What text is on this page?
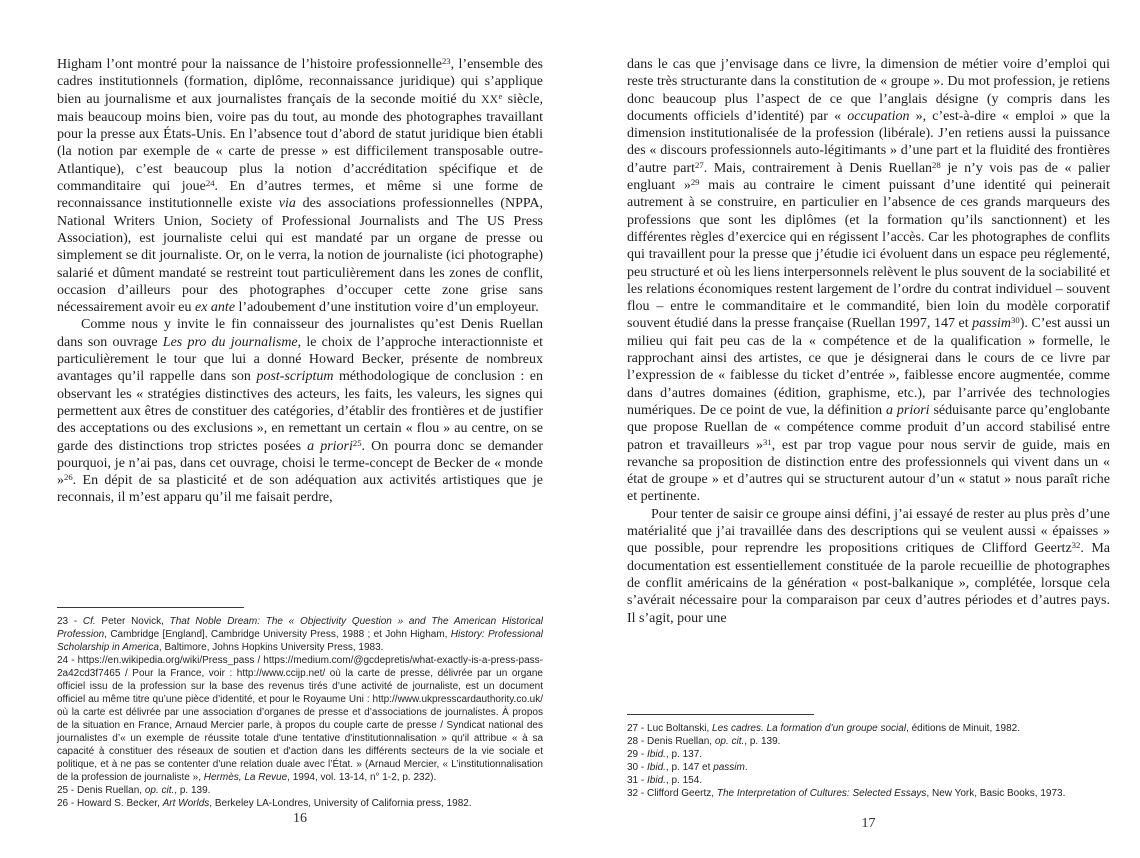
Higham l’ont montré pour la naissance de l’histoire professionnelle$^{23}$, l’ensemble des cadres institutionnels (formation, diplôme, reconnaissance juridique) qui s’applique bien au journalisme et aux journalistes français de la seconde moitié du XXe siècle, mais beaucoup moins bien, voire pas du tout, au monde des photographes travaillant pour la presse aux États-Unis. En l’absence tout d’abord de statut juridique bien établi (la notion par exemple de « carte de presse » est difficilement transposable outre-Atlantique), c’est beaucoup plus la notion d’accréditation spécifique et de commanditaire qui joue$^{24}$. En d’autres termes, et même si une forme de reconnaissance institutionnelle existe via des associations professionnelles (NPPA, National Writers Union, Society of Professional Journalists and The US Press Association), est journaliste celui qui est mandaté par un organe de presse ou simplement se dit journaliste. Or, on le verra, la notion de journaliste (ici photographe) salarié et dûment mandaté se restreint tout particulièrement dans les zones de conflit, occasion d’ailleurs pour des photographes d’occuper cette zone grise sans nécessairement avoir eu ex ante l’adoubement d’une institution voire d’un employeur.

Comme nous y invite le fin connaisseur des journalistes qu’est Denis Ruellan dans son ouvrage Les pro du journalisme, le choix de l’approche interactionniste et particulièrement le tour que lui a donné Howard Becker, présente de nombreux avantages qu’il rappelle dans son post-scriptum méthodologique de conclusion : en observant les « stratégies distinctives des acteurs, les faits, les valeurs, les signes qui permettent aux êtres de constituer des catégories, d’établir des frontières et de justifier des acceptations ou des exclusions », en remettant un certain « flou » au centre, on se garde des distinctions trop strictes posées a priori$^{25}$. On pourra donc se demander pourquoi, je n’ai pas, dans cet ouvrage, choisi le terme-concept de Becker de « monde »$^{26}$. En dépit de sa plasticité et de son adéquation aux activités artistiques que je reconnais, il m’est apparu qu’il me faisait perdre,

23 - Cf. Peter Novick, That Noble Dream: The « Objectivity Question » and The American Historical Profession, Cambridge [England], Cambridge University Press, 1988 ; et John Higham, History: Professional Scholarship in America, Baltimore, Johns Hopkins University Press, 1983.
24 - https://en.wikipedia.org/wiki/Press_pass / https://medium.com/@gcdepretis/what-exactly-is-a-press-pass-2a42cd3f7465 / Pour la France, voir : http://www.ccijp.net/ où la carte de presse, délivrée par un organe officiel issu de la profession sur la base des revenus tirés d’une activité de journaliste, est un document officiel au même titre qu’une pièce d’identité, et pour le Royaume Uni : http://www.ukpresscardauthority.co.uk/ où la carte est délivrée par une association d’organes de presse et d’associations de journalistes. À propos de la situation en France, Arnaud Mercier parle, à propos du couple carte de presse / Syndicat national des journalistes d’« un exemple de réussite totale d'une tentative d'institutionnalisation » qu'il attribue « à sa capacité à constituer des réseaux de soutien et d'action dans les différents secteurs de la vie sociale et politique, et à ne pas se contenter d'une relation duale avec l’État. » (Arnaud Mercier, « L’institutionnalisation de la profession de journaliste », Hermès, La Revue, 1994, vol. 13-14, n° 1-2, p. 232).
25 - Denis Ruellan, op. cit., p. 139.
26 - Howard S. Becker, Art Worlds, Berkeley LA-Londres, University of California press, 1982.
16

dans le cas que j’envisage dans ce livre, la dimension de métier voire d’emploi qui reste très structurante dans la constitution de « groupe ». Du mot profession, je retiens donc beaucoup plus l’aspect de ce que l’anglais désigne (y compris dans les documents officiels d’identité) par « occupation », c’est-à-dire « emploi » que la dimension institutionalisée de la profession (libérale). J’en retiens aussi la puissance des « discours professionnels auto-légitimants » d’une part et la fluidité des frontières d’autre part$^{27}$. Mais, contrairement à Denis Ruellan$^{28}$ je n’y vois pas de « palier engluant »$^{29}$ mais au contraire le ciment puissant d’une identité qui peinerait autrement à se construire, en particulier en l’absence de ces grands marqueurs des professions que sont les diplômes (et la formation qu’ils sanctionnent) et les différentes règles d’exercice qui en régissent l’accès. Car les photographes de conflits qui travaillent pour la presse que j’étudie ici évoluent dans un espace peu réglementé, peu structuré et où les liens interpersonnels relèvent le plus souvent de la sociabilité et les relations économiques restent largement de l’ordre du contrat individuel – souvent flou – entre le commanditaire et le commandité, bien loin du modèle corporatif souvent étudié dans la presse française (Ruellan 1997, 147 et passim$^{30}$). C’est aussi un milieu qui fait peu cas de la « compétence et de la qualification » formelle, le rapprochant ainsi des artistes, ce que je désignerai dans le cours de ce livre par l’expression de « faiblesse du ticket d’entrée », faiblesse encore augmentée, comme dans d’autres domaines (édition, graphisme, etc.), par l’arrivée des technologies numériques. De ce point de vue, la définition a priori séduisante parce qu’englobante que propose Ruellan de « compétence comme produit d’un accord stabilisé entre patron et travailleurs »$^{31}$, est par trop vague pour nous servir de guide, mais en revanche sa proposition de distinction entre des professionnels qui vivent dans un « état de groupe » et d’autres qui se structurent autour d’un « statut » nous paraît riche et pertinente.

Pour tenter de saisir ce groupe ainsi défini, j’ai essayé de rester au plus près d’une matérialité que j’ai travaillée dans des descriptions qui se veulent aussi « épaisses » que possible, pour reprendre les propositions critiques de Clifford Geertz$^{32}$. Ma documentation est essentiellement constituée de la parole recueillie de photographes de conflit américains de la génération « post-balkanique », complétée, lorsque cela s’avérait nécessaire pour la comparaison par ceux d’autres périodes et d’autres pays. Il s’agit, pour une

27 - Luc Boltanski, Les cadres. La formation d’un groupe social, éditions de Minuit, 1982.
28 - Denis Ruellan, op. cit., p. 139.
29 - Ibid., p. 137.
30 - Ibid., p. 147 et passim.
31 - Ibid., p. 154.
32 - Clifford Geertz, The Interpretation of Cultures: Selected Essays, New York, Basic Books, 1973.
17
